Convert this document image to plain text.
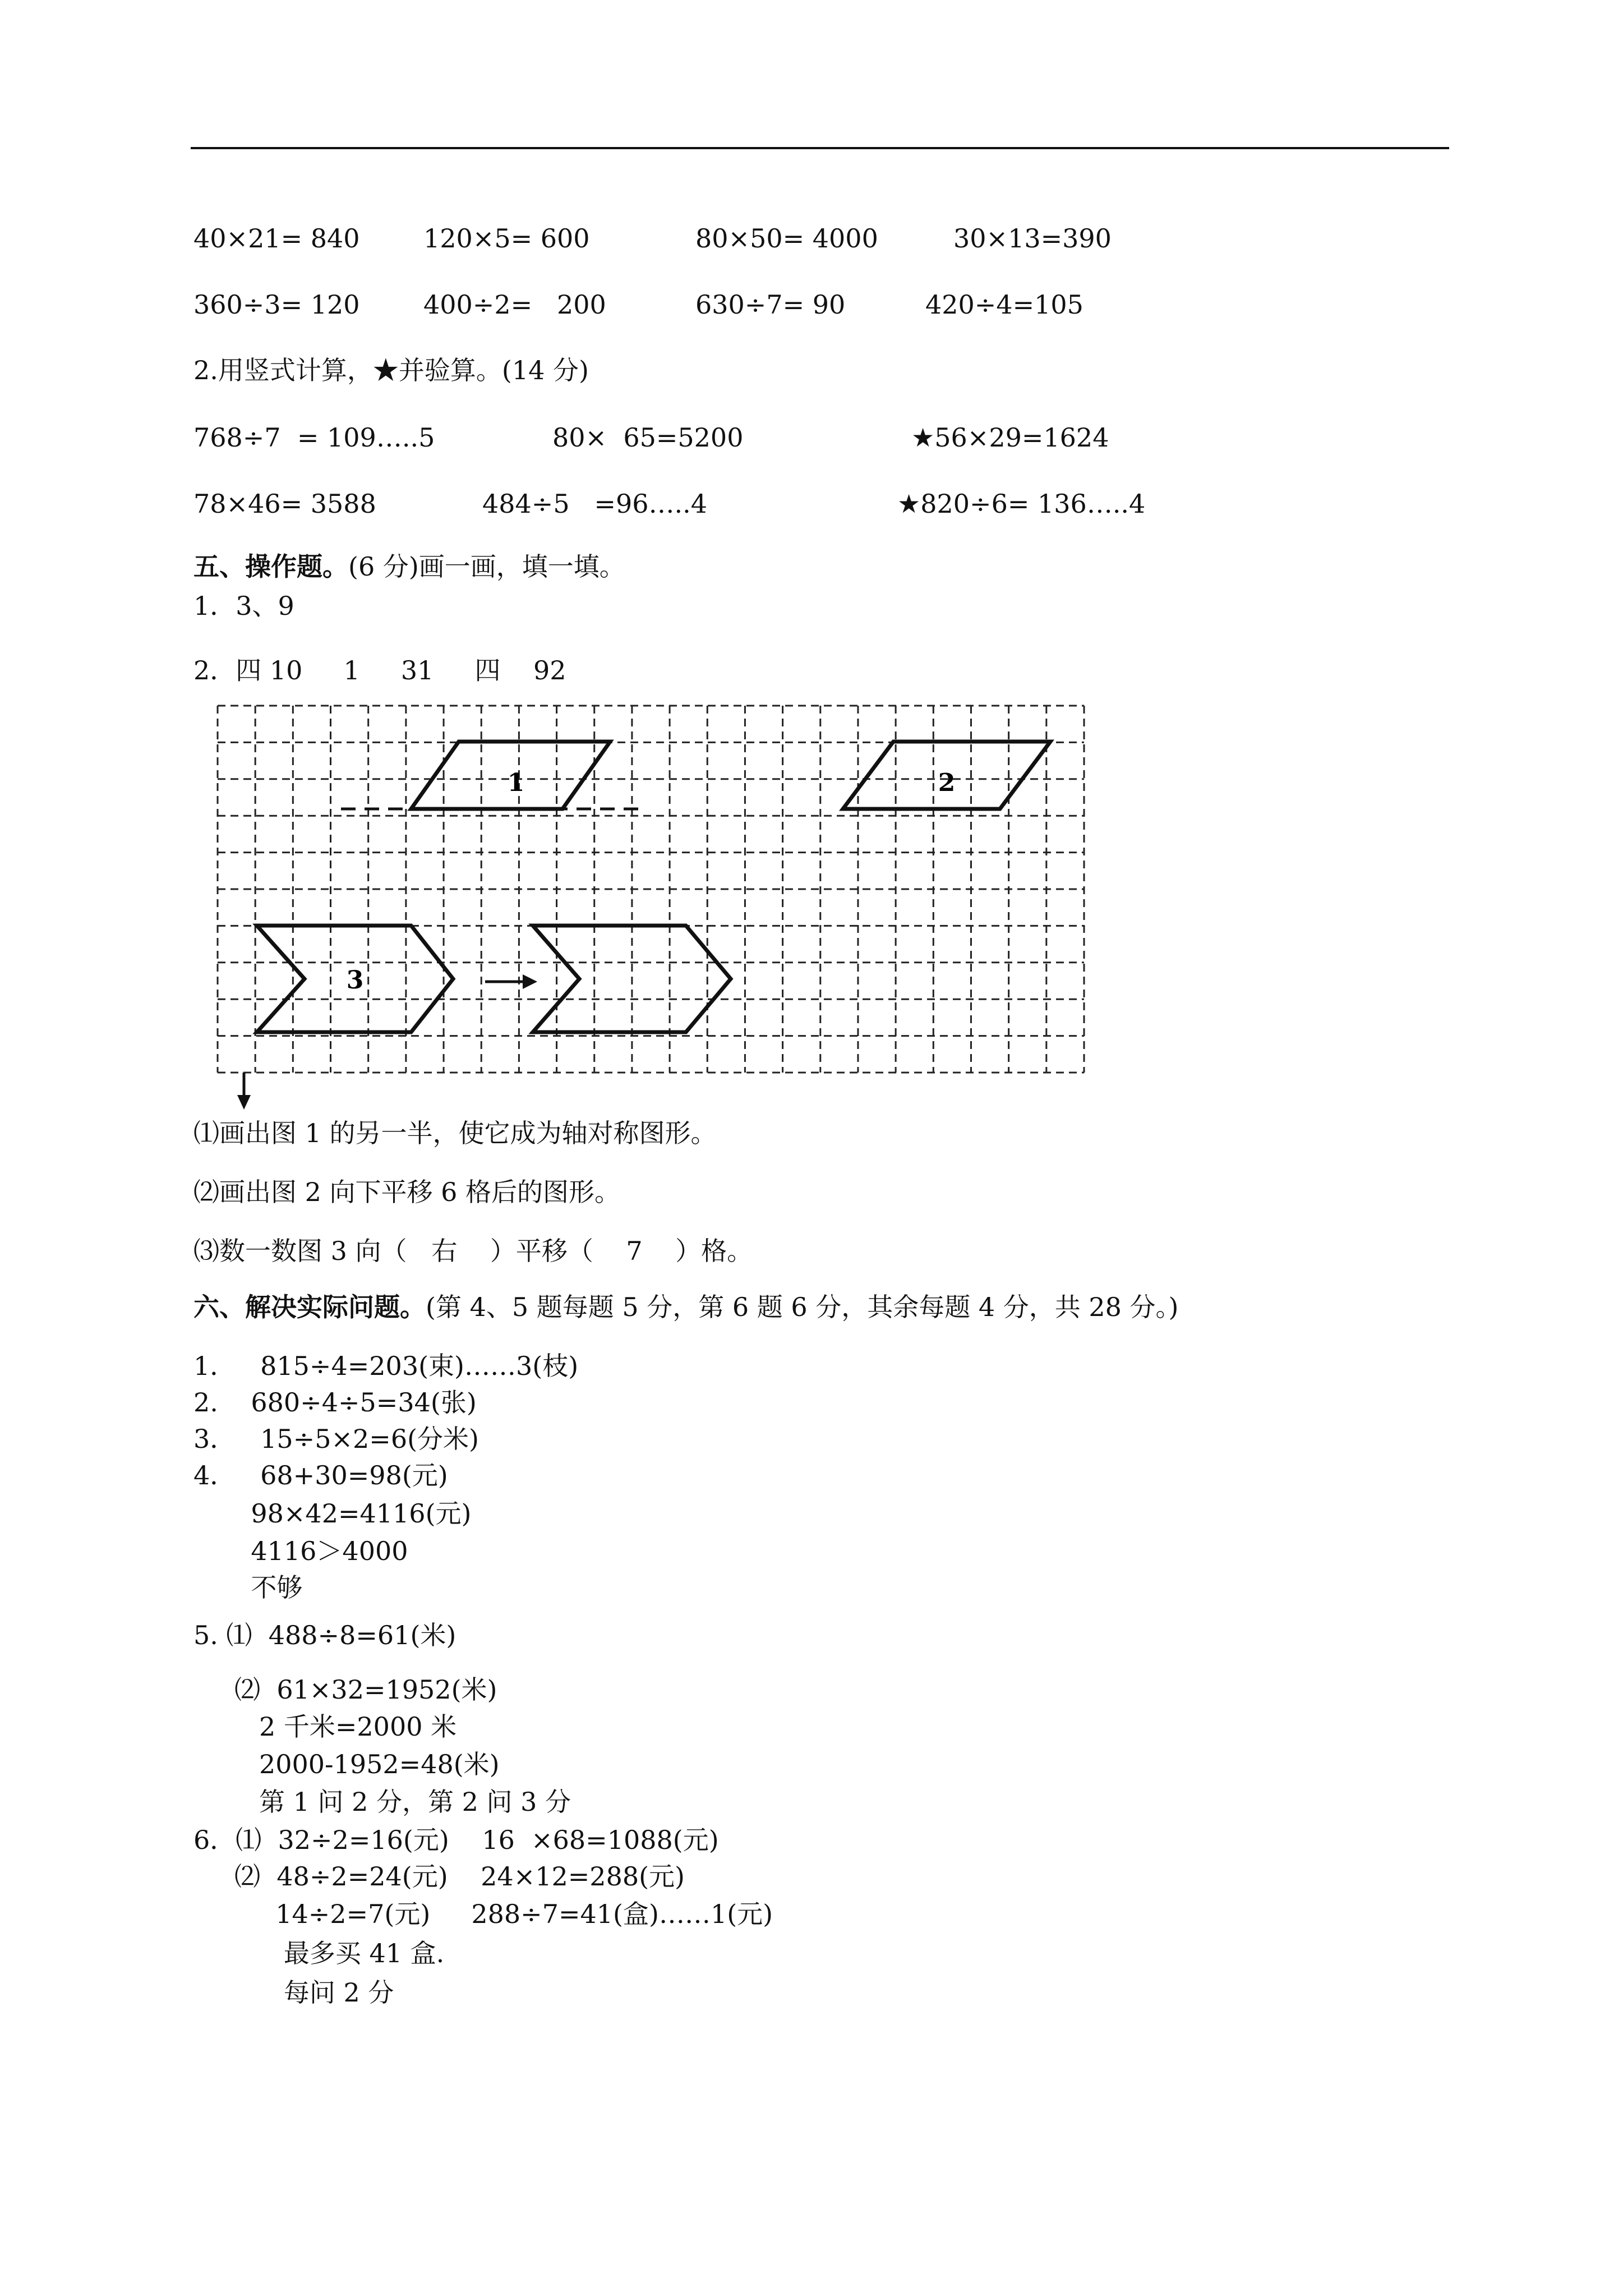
40×21= 840 120×5= 600	80×50= 4000	30×13=390
360÷3= 120 400÷2=   200	630÷7= 90	420÷4=105
2.用竖式计算，★并验算。(14 分)
768÷7  = 109…..5	80×  65=5200	★56×29=1624
78×46= 3588	484÷5   =96…..4	★820÷6= 136…..4
五、操作题。(6 分)画一画，填一填。
1．3、9
2．四 10     1     31     四    92
1	2
3
⑴画出图 1 的另一半，使它成为轴对称图形。
⑵画出图 2 向下平移 6 格后的图形。
⑶数一数图 3 向（   右    ）平移（    7    ）格。
六、解决实际问题。(第 4、5 题每题 5 分，第 6 题 6 分，其余每题 4 分，共 28 分。)
1．   815÷4=203(束)……3(枝)
2.    680÷4÷5=34(张)
3．   15÷5×2=6(分米)
4．   68+30=98(元)
98×42=4116(元)
4116＞4000
不够
5. ⑴  488÷8=61(米)
⑵  61×32=1952(米)
2 千米=2000 米
2000-1952=48(米)
第 1 问 2 分，第 2 问 3 分
6．⑴  32÷2=16(元)    16  ×68=1088(元)
⑵  48÷2=24(元)    24×12=288(元)
14÷2=7(元)     288÷7=41(盒)……1(元)
最多买 41 盒.
每问 2 分
